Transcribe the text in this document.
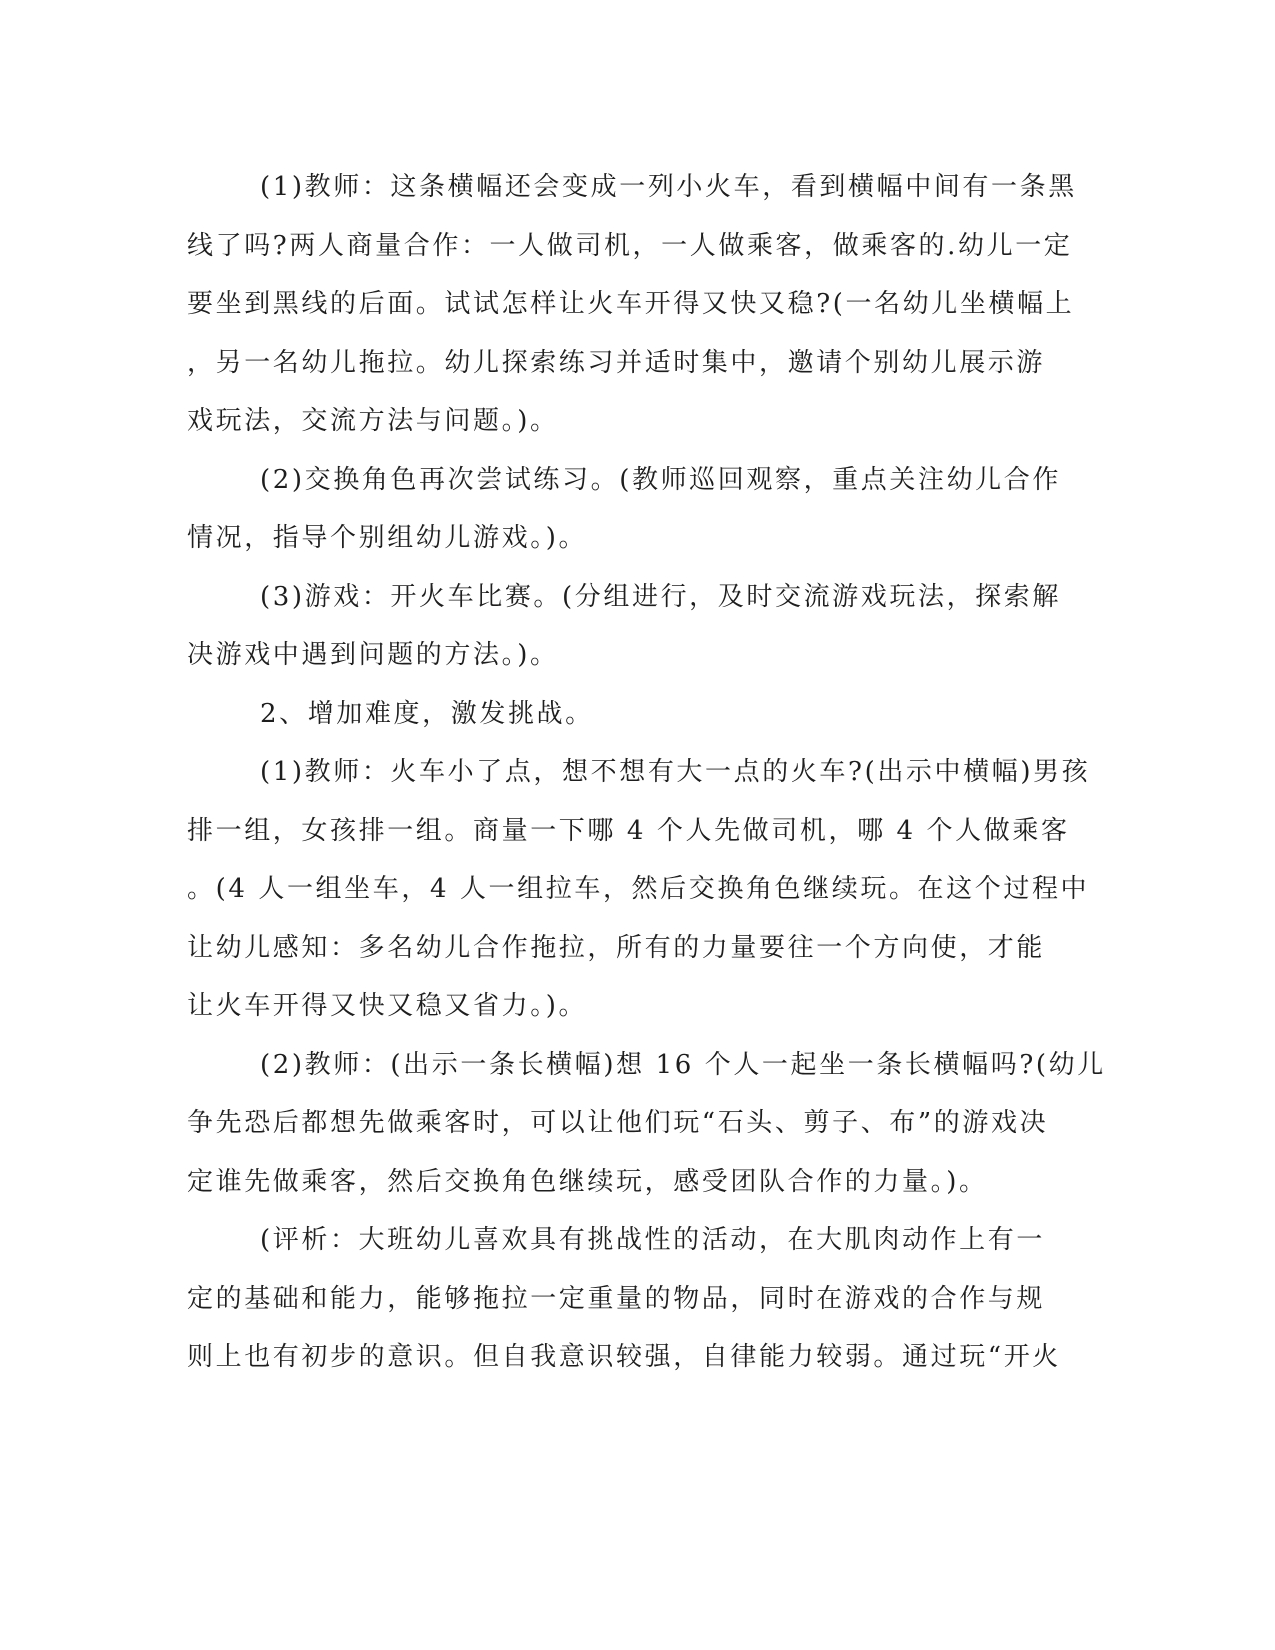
(1)教师：这条横幅还会变成一列小火车，看到横幅中间有一条黑
线了吗?两人商量合作：一人做司机，一人做乘客，做乘客的.幼儿一定
要坐到黑线的后面。试试怎样让火车开得又快又稳?(一名幼儿坐横幅上
，另一名幼儿拖拉。幼儿探索练习并适时集中，邀请个别幼儿展示游
戏玩法，交流方法与问题。)。
(2)交换角色再次尝试练习。(教师巡回观察，重点关注幼儿合作
情况，指导个别组幼儿游戏。)。
(3)游戏：开火车比赛。(分组进行，及时交流游戏玩法，探索解
决游戏中遇到问题的方法。)。
2、增加难度，激发挑战。
(1)教师：火车小了点，想不想有大一点的火车?(出示中横幅)男孩
排一组，女孩排一组。商量一下哪 4 个人先做司机，哪 4 个人做乘客
。(4 人一组坐车，4 人一组拉车，然后交换角色继续玩。在这个过程中
让幼儿感知：多名幼儿合作拖拉，所有的力量要往一个方向使，才能
让火车开得又快又稳又省力。)。
(2)教师：(出示一条长横幅)想 16 个人一起坐一条长横幅吗?(幼儿
争先恐后都想先做乘客时，可以让他们玩“石头、剪子、布”的游戏决
定谁先做乘客，然后交换角色继续玩，感受团队合作的力量。)。
(评析：大班幼儿喜欢具有挑战性的活动，在大肌肉动作上有一
定的基础和能力，能够拖拉一定重量的物品，同时在游戏的合作与规
则上也有初步的意识。但自我意识较强，自律能力较弱。通过玩“开火
